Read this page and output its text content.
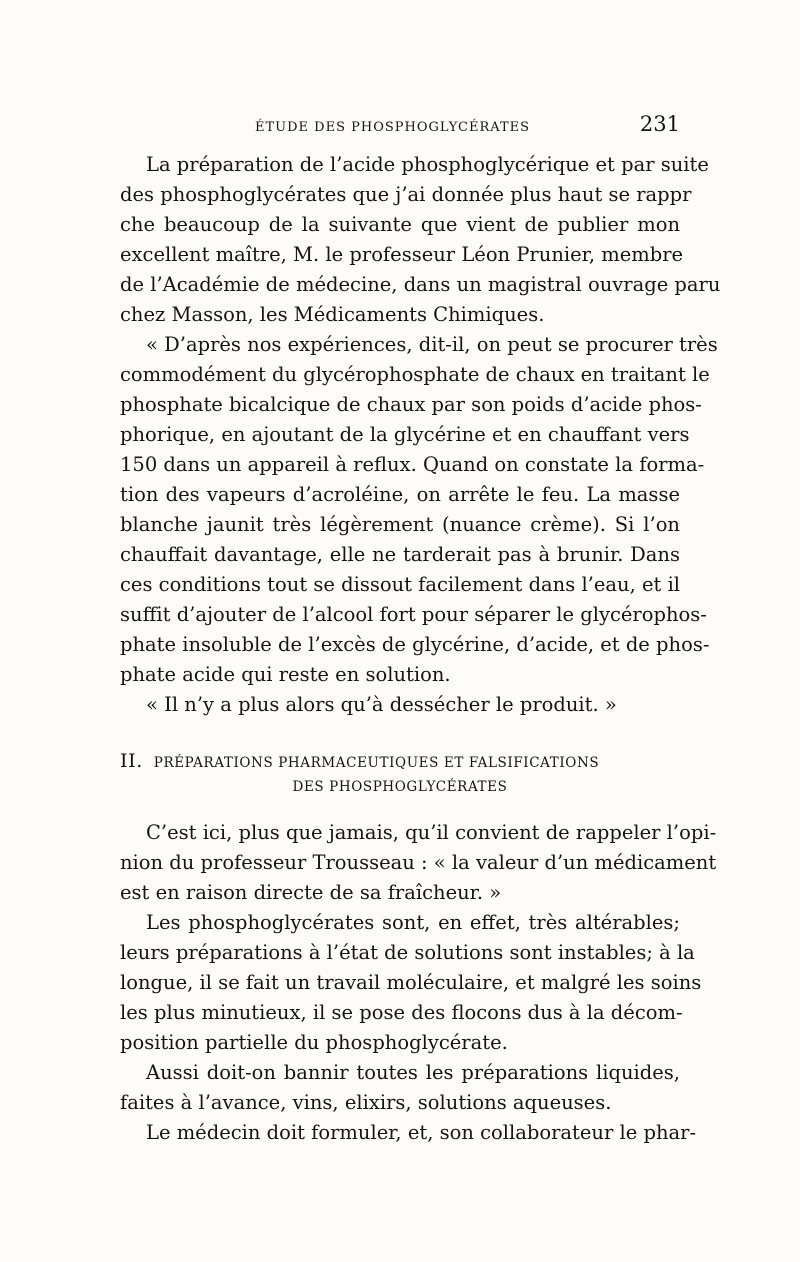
ÉTUDE DES PHOSPHOGLYCÉRATES	231
La préparation de l’acide phosphoglycérique et par suite
des phosphoglycérates que j’ai donnée plus haut se rappr
che beaucoup de la suivante que vient de publier mon
excellent maître, M. le professeur Léon Prunier, membre
de l’Académie de médecine, dans un magistral ouvrage paru
chez Masson, les Médicaments Chimiques.
« D’après nos expériences, dit-il, on peut se procurer très
commodément du glycérophosphate de chaux en traitant le
phosphate bicalcique de chaux par son poids d’acide phos-
phorique, en ajoutant de la glycérine et en chauffant vers
150 dans un appareil à reflux. Quand on constate la forma-
tion des vapeurs d’acroléine, on arrête le feu. La masse
blanche jaunit très légèrement (nuance crème). Si l’on
chauffait davantage, elle ne tarderait pas à brunir. Dans
ces conditions tout se dissout facilement dans l’eau, et il
suffit d’ajouter de l’alcool fort pour séparer le glycérophos-
phate insoluble de l’excès de glycérine, d’acide, et de phos-
phate acide qui reste en solution.
« Il n’y a plus alors qu’à dessécher le produit. »
II. PRÉPARATIONS PHARMACEUTIQUES ET FALSIFICATIONS
DES PHOSPHOGLYCÉRATES
C’est ici, plus que jamais, qu’il convient de rappeler l’opi-
nion du professeur Trousseau : « la valeur d’un médicament
est en raison directe de sa fraîcheur. »
Les phosphoglycérates sont, en effet, très altérables;
leurs préparations à l’état de solutions sont instables; à la
longue, il se fait un travail moléculaire, et malgré les soins
les plus minutieux, il se pose des flocons dus à la décom-
position partielle du phosphoglycérate.
Aussi doit-on bannir toutes les préparations liquides,
faites à l’avance, vins, elixirs, solutions aqueuses.
Le médecin doit formuler, et, son collaborateur le phar-
